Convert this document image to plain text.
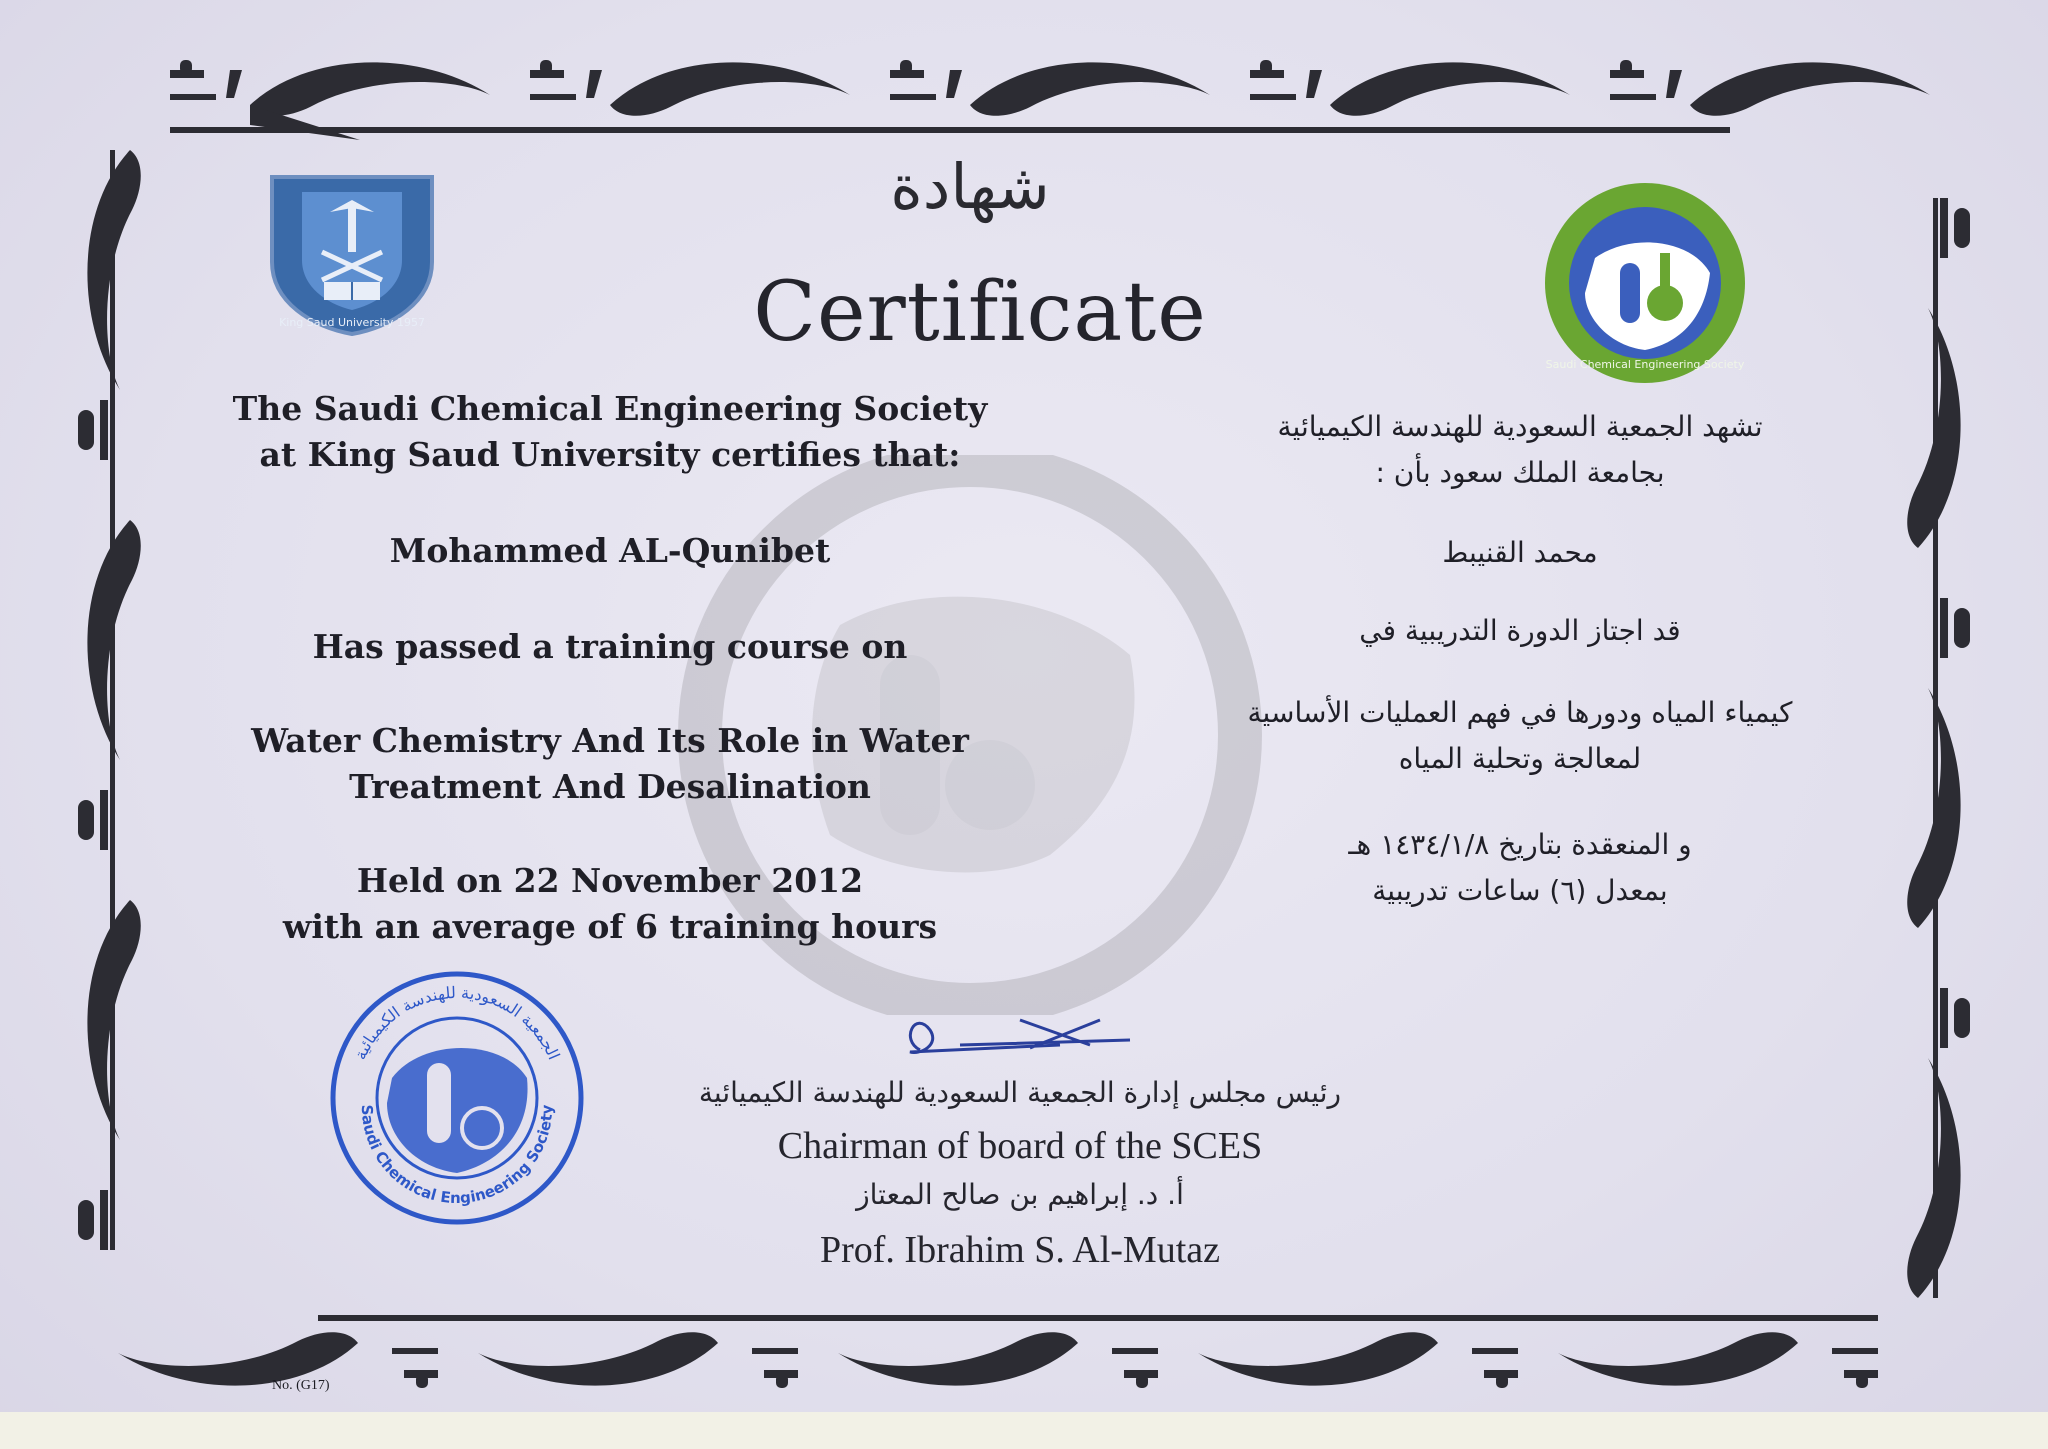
King Saud University 1957
Saudi Chemical Engineering Society
شهادة
Certificate
The Saudi Chemical Engineering Society
at King Saud University certifies that:
Mohammed AL-Qunibet
Has passed a training course on
Water Chemistry And Its Role in Water
Treatment And Desalination
Held on 22 November 2012
with an average of 6 training hours
تشهد الجمعية السعودية للهندسة الكيميائية
بجامعة الملك سعود بأن :
محمد القنيبط
قد اجتاز الدورة التدريبية في
كيمياء المياه ودورها في فهم العمليات الأساسية
لمعالجة وتحلية المياه
و المنعقدة بتاريخ ١٤٣٤/١/٨ هـ
بمعدل (٦) ساعات تدريبية
الجمعية السعودية للهندسة الكيميائية
Saudi Chemical Engineering Society
رئيس مجلس إدارة الجمعية السعودية للهندسة الكيميائية
Chairman of board of the SCES
أ. د. إبراهيم بن صالح المعتاز
Prof. Ibrahim S. Al-Mutaz
No. (G17)
